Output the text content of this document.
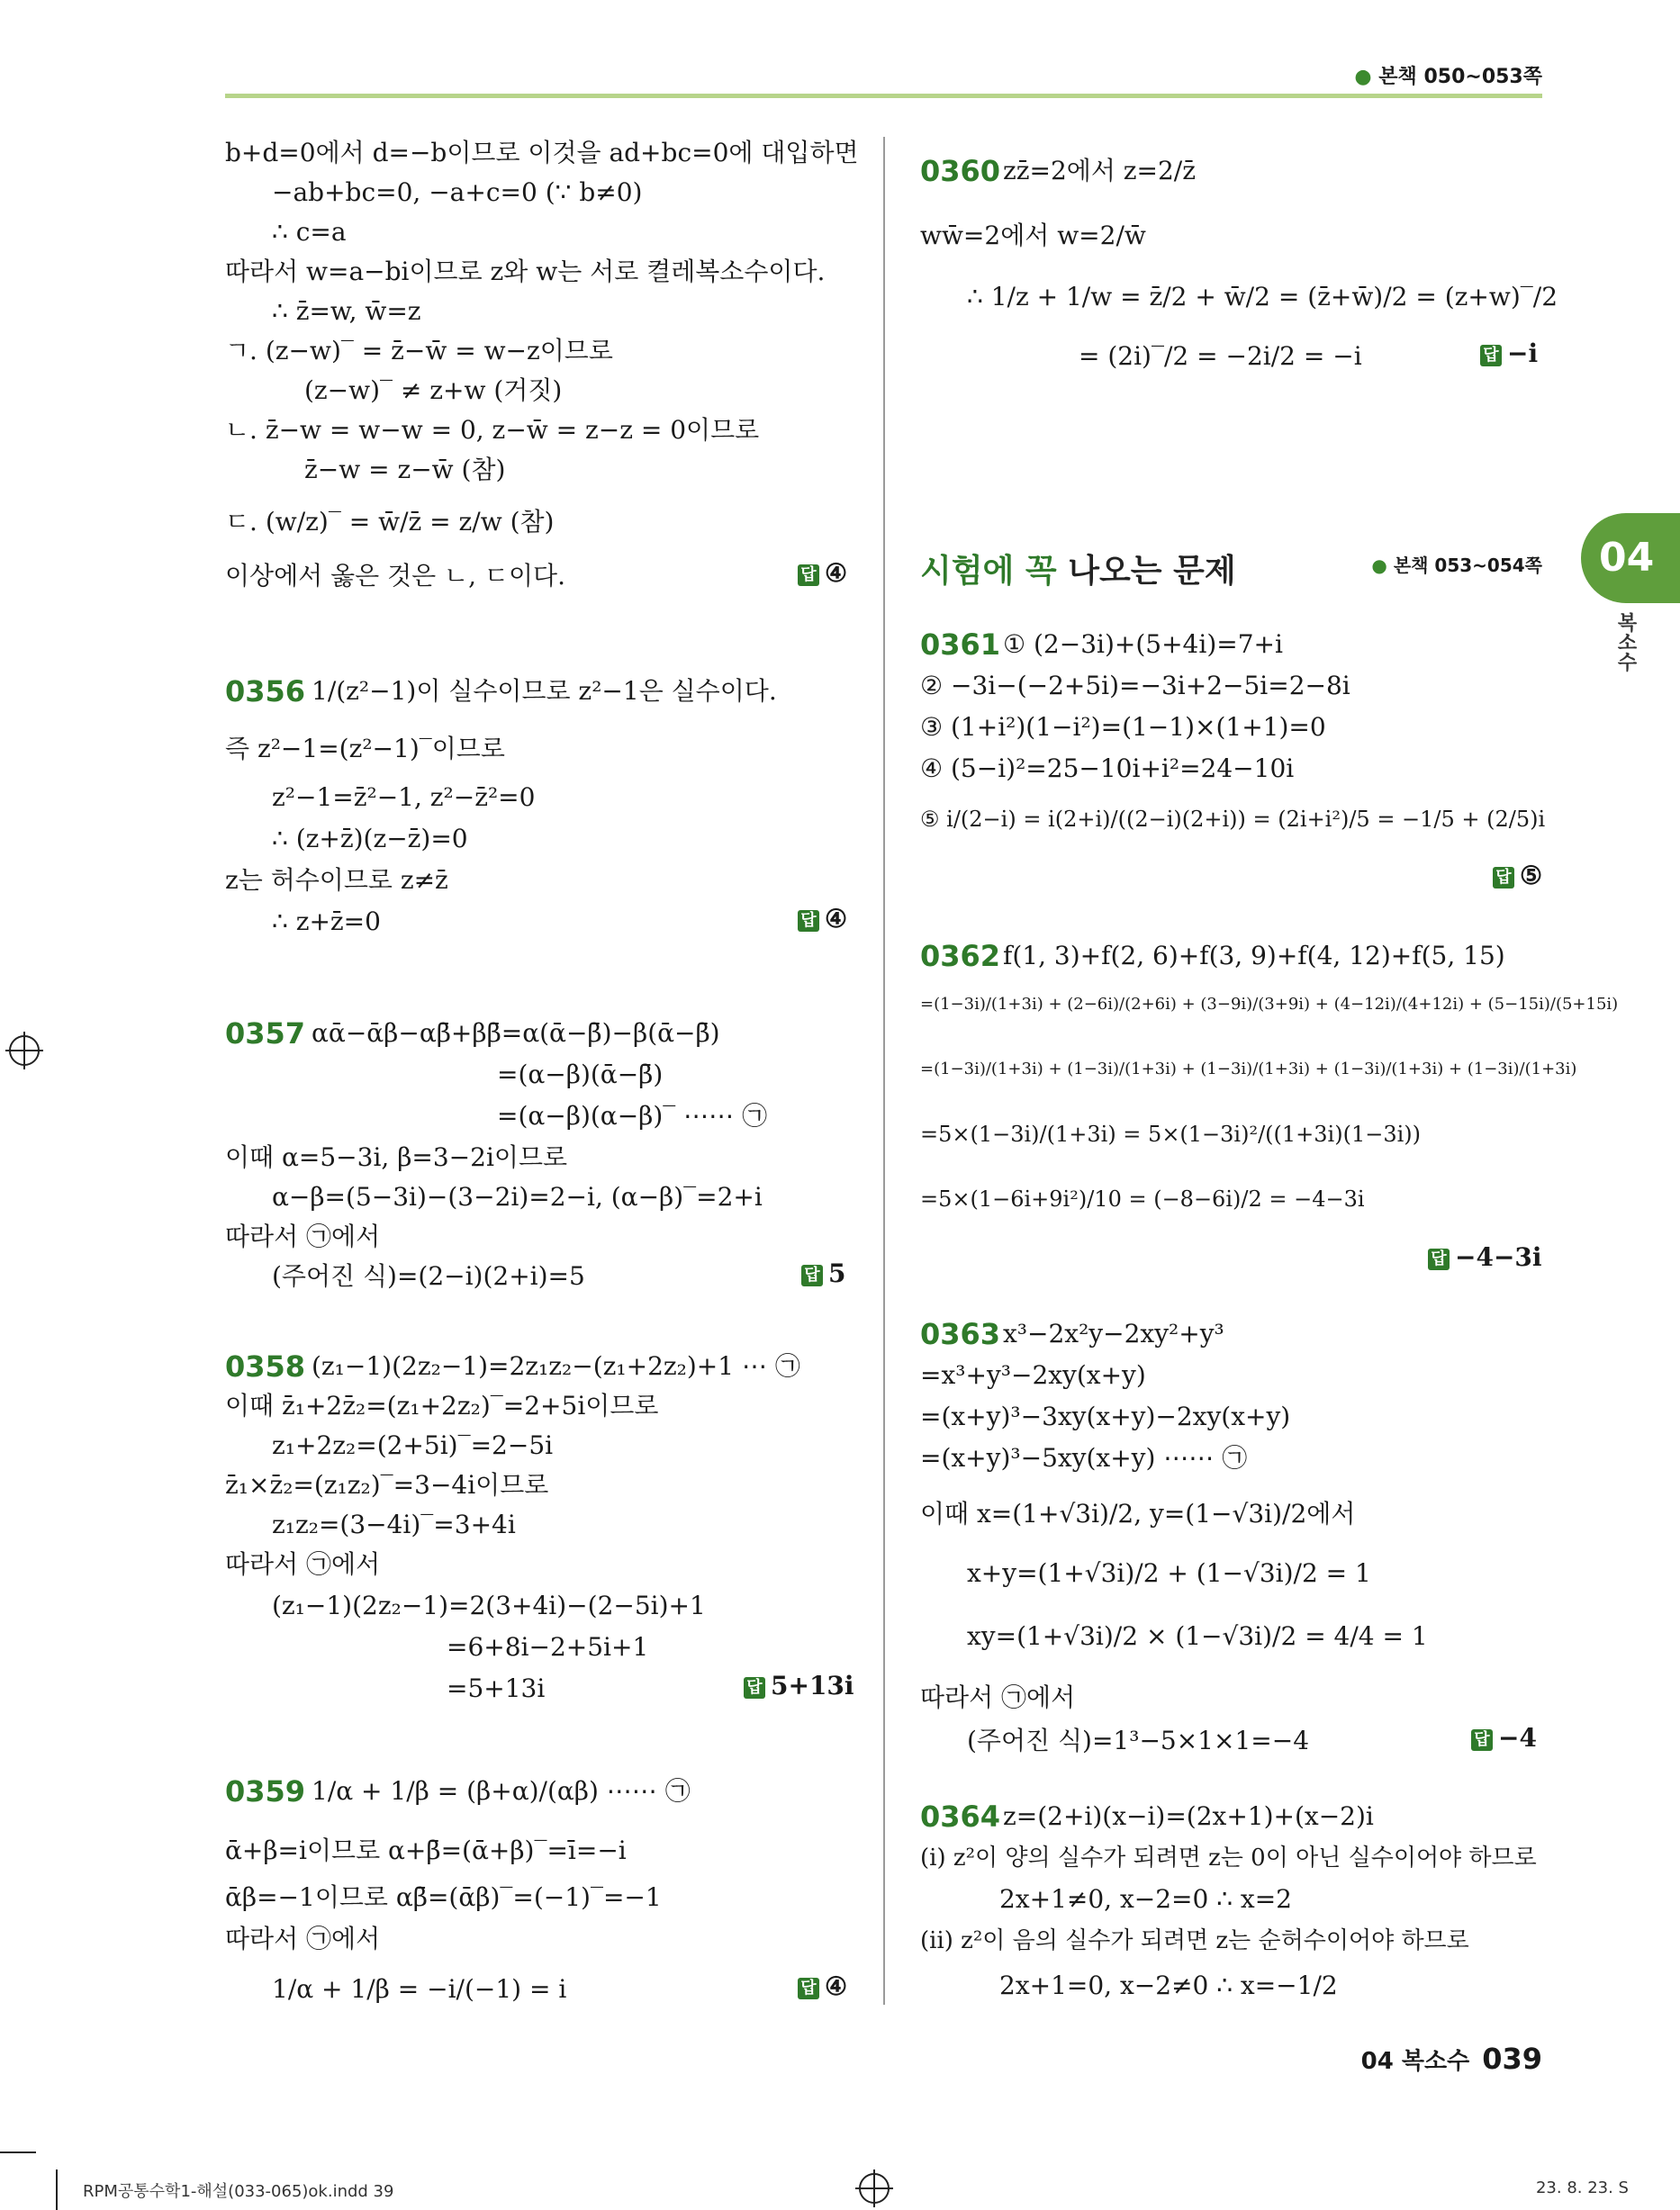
● 본책 050~053쪽
04
복소수
b+d=0에서 d=−b이므로 이것을 ad+bc=0에 대입하면
−ab+bc=0, −a+c=0 (∵ b≠0)
∴ c=a
따라서 w=a−bi이므로 z와 w는 서로 켤레복소수이다.
∴ z̄=w, w̄=z
ㄱ. (z−w)‾ = z̄−w̄ = w−z이므로
(z−w)‾ ≠ z+w (거짓)
ㄴ. z̄−w = w−w = 0, z−w̄ = z−z = 0이므로
z̄−w = z−w̄ (참)
ㄷ. (w/z)‾ = w̄/z̄ = z/w (참)
이상에서 옳은 것은 ㄴ, ㄷ이다.	답 ④
0356 1/(z²−1)이 실수이므로 z²−1은 실수이다.
즉 z²−1=(z²−1)‾이므로
z²−1=z̄²−1, z²−z̄²=0
∴ (z+z̄)(z−z̄)=0
z는 허수이므로 z≠z̄
∴ z+z̄=0	답 ④
0357 αᾱ−ᾱβ−αβ̄+ββ̄=α(ᾱ−β̄)−β(ᾱ−β̄)
=(α−β)(ᾱ−β̄)
=(α−β)(α−β)‾ ⋯⋯ ㉠
이때 α=5−3i, β=3−2i이므로
α−β=(5−3i)−(3−2i)=2−i, (α−β)‾=2+i
따라서 ㉠에서
(주어진 식)=(2−i)(2+i)=5	답 5
0358 (z₁−1)(2z₂−1)=2z₁z₂−(z₁+2z₂)+1 ⋯ ㉠
이때 z̄₁+2z̄₂=(z₁+2z₂)‾=2+5i이므로
z₁+2z₂=(2+5i)‾=2−5i
z̄₁×z̄₂=(z₁z₂)‾=3−4i이므로
z₁z₂=(3−4i)‾=3+4i
따라서 ㉠에서
(z₁−1)(2z₂−1)=2(3+4i)−(2−5i)+1
=6+8i−2+5i+1
=5+13i	답 5+13i
0359 1/α + 1/β = (β+α)/(αβ) ⋯⋯ ㉠
ᾱ+β=i이므로 α+β̄=(ᾱ+β)‾=ī=−i
ᾱβ=−1이므로 αβ̄=(ᾱβ)‾=(−1)‾=−1
따라서 ㉠에서
1/α + 1/β = −i/(−1) = i	답 ④
0360 zz̄=2에서 z=2/z̄
ww̄=2에서 w=2/w̄
∴ 1/z + 1/w = z̄/2 + w̄/2 = (z̄+w̄)/2 = (z+w)‾/2
= (2i)‾/2 = −2i/2 = −i	답 −i
시험에 꼭 나오는 문제	● 본책 053~054쪽
0361 ① (2−3i)+(5+4i)=7+i
② −3i−(−2+5i)=−3i+2−5i=2−8i
③ (1+i²)(1−i²)=(1−1)×(1+1)=0
④ (5−i)²=25−10i+i²=24−10i
⑤ i/(2−i) = i(2+i)/((2−i)(2+i)) = (2i+i²)/5 = −1/5 + (2/5)i
답 ⑤
0362 f(1, 3)+f(2, 6)+f(3, 9)+f(4, 12)+f(5, 15)
=(1−3i)/(1+3i) + (2−6i)/(2+6i) + (3−9i)/(3+9i) + (4−12i)/(4+12i) + (5−15i)/(5+15i)
=(1−3i)/(1+3i) + (1−3i)/(1+3i) + (1−3i)/(1+3i) + (1−3i)/(1+3i) + (1−3i)/(1+3i)
=5×(1−3i)/(1+3i) = 5×(1−3i)²/((1+3i)(1−3i))
=5×(1−6i+9i²)/10 = (−8−6i)/2 = −4−3i
답 −4−3i
0363 x³−2x²y−2xy²+y³
=x³+y³−2xy(x+y)
=(x+y)³−3xy(x+y)−2xy(x+y)
=(x+y)³−5xy(x+y) ⋯⋯ ㉠
이때 x=(1+√3i)/2, y=(1−√3i)/2에서
x+y=(1+√3i)/2 + (1−√3i)/2 = 1
xy=(1+√3i)/2 × (1−√3i)/2 = 4/4 = 1
따라서 ㉠에서
(주어진 식)=1³−5×1×1=−4	답 −4
0364 z=(2+i)(x−i)=(2x+1)+(x−2)i
(ⅰ) z²이 양의 실수가 되려면 z는 0이 아닌 실수이어야 하므로
2x+1≠0, x−2=0 ∴ x=2
(ⅱ) z²이 음의 실수가 되려면 z는 순허수이어야 하므로
2x+1=0, x−2≠0 ∴ x=−1/2
04 복소수 039
RPM공통수학1-해설(033-065)ok.indd 39	23. 8. 23. S
